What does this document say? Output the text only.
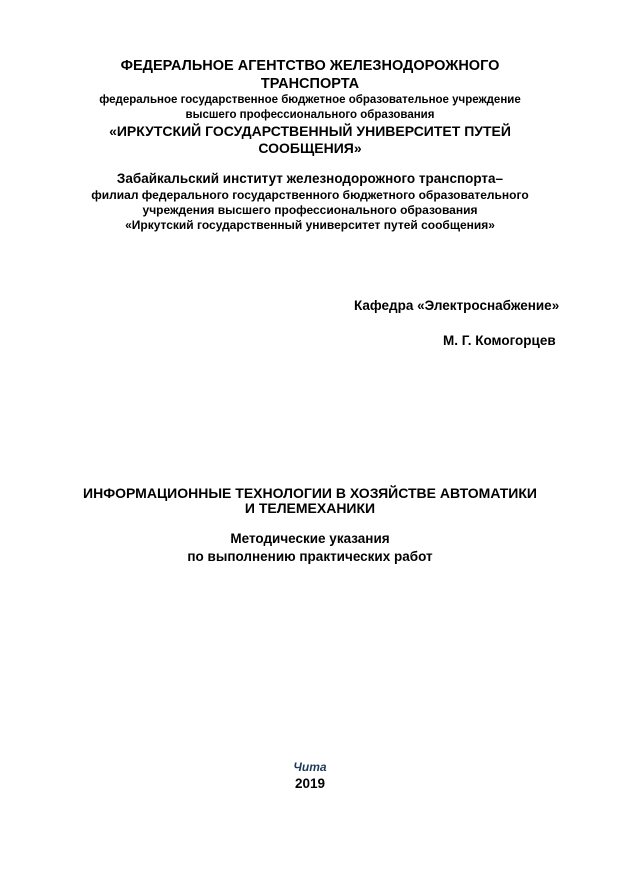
ФЕДЕРАЛЬНОЕ АГЕНТСТВО ЖЕЛЕЗНОДОРОЖНОГО
ТРАНСПОРТА
федеральное государственное бюджетное образовательное учреждение
высшего профессионального образования
«ИРКУТСКИЙ ГОСУДАРСТВЕННЫЙ УНИВЕРСИТЕТ ПУТЕЙ
СООБЩЕНИЯ»
Забайкальский институт железнодорожного транспорта–
филиал федерального государственного бюджетного образовательного
учреждения высшего профессионального образования
«Иркутский государственный университет путей сообщения»
Кафедра «Электроснабжение»
М. Г. Комогорцев
ИНФОРМАЦИОННЫЕ ТЕХНОЛОГИИ В ХОЗЯЙСТВЕ АВТОМАТИКИ
И ТЕЛЕМЕХАНИКИ
Методические указания
по выполнению практических работ
Чита
2019
